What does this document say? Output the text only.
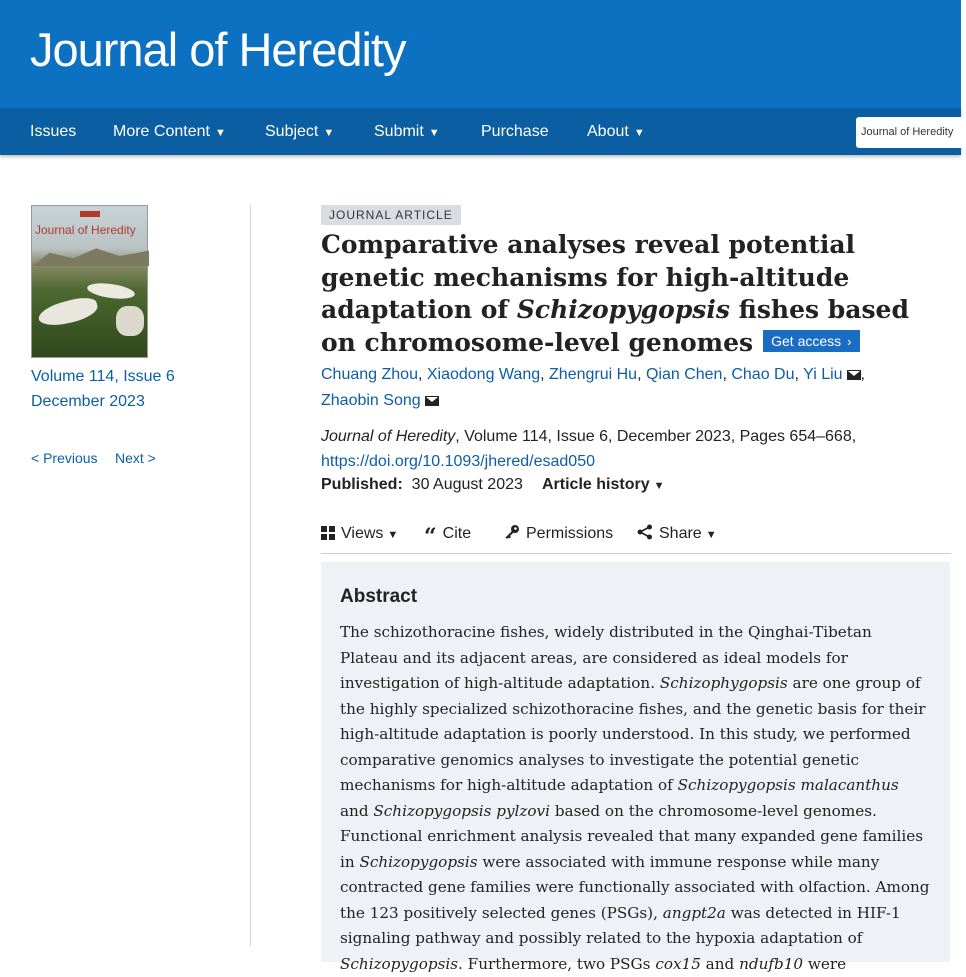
Journal of Heredity
Issues More Content ▼ Subject ▼ Submit ▼	Purchase About ▼	Journal of Heredity
Journal of Heredity
Volume 114, Issue 6
December 2023
< Previous Next >
JOURNAL ARTICLE
Comparative analyses reveal potential genetic mechanisms for high-altitude adaptation of Schizopygopsis fishes based on chromosome-level genomes Get access ›
Chuang Zhou, Xiaodong Wang, Zhengrui Hu, Qian Chen, Chao Du, Yi Liu ,
Zhaobin Song
Journal of Heredity, Volume 114, Issue 6, December 2023, Pages 654–668,
https://doi.org/10.1093/jhered/esad050
Published: 30 August 2023 Article history ▼
Views ▼ “ Cite	Permissions	Share ▼
Abstract

The schizothoracine fishes, widely distributed in the Qinghai-Tibetan Plateau and its adjacent areas, are considered as ideal models for investigation of high-altitude adaptation. Schizophygopsis are one group of the highly specialized schizothoracine fishes, and the genetic basis for their high-altitude adaptation is poorly understood. In this study, we performed comparative genomics analyses to investigate the potential genetic mechanisms for high-altitude adaptation of Schizopygopsis malacanthus and Schizopygopsis pylzovi based on the chromosome-level genomes. Functional enrichment analysis revealed that many expanded gene families in Schizopygopsis were associated with immune response while many contracted gene families were functionally associated with olfaction. Among the 123 positively selected genes (PSGs), angpt2a was detected in HIF-1 signaling pathway and possibly related to the hypoxia adaptation of Schizopygopsis. Furthermore, two PSGs cox15 and ndufb10 were
